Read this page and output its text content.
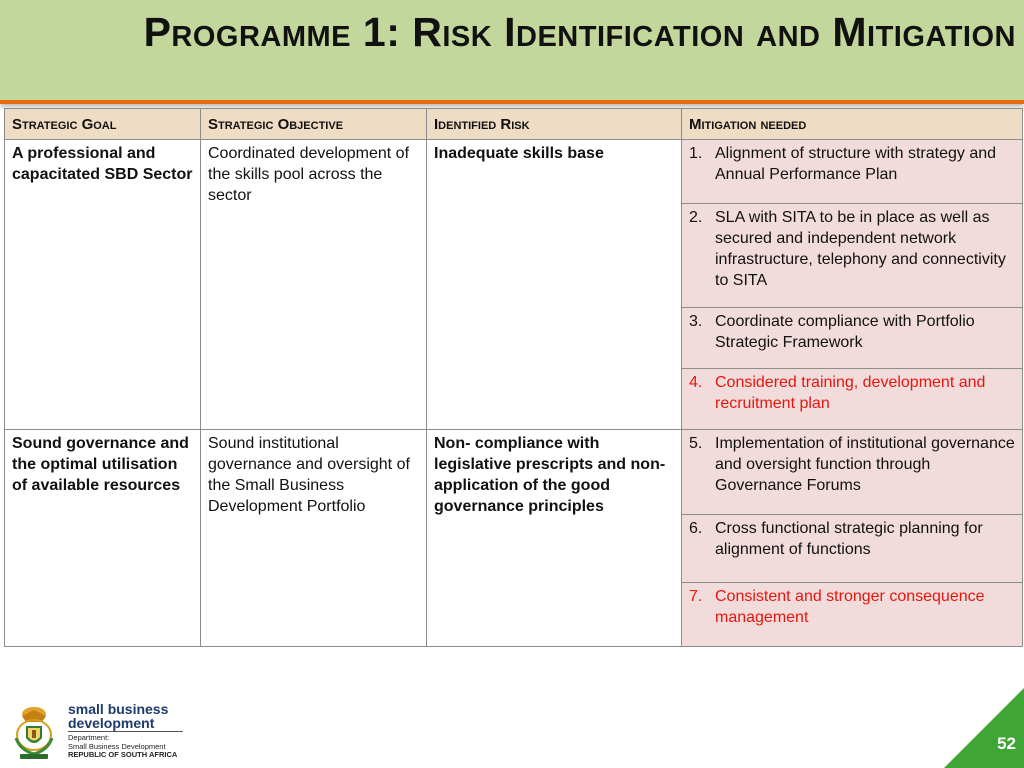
Programme 1: Risk Identification and Mitigation
Strategic Goal	Strategic Objective	Identified Risk	Mitigation needed
A professional and capacitated SBD Sector	Coordinated development of the skills pool across the sector	Inadequate skills base	1. Alignment of structure with strategy and Annual Performance Plan

			2. SLA with SITA to be in place as well as secured and independent network infrastructure, telephony and connectivity to SITA

			3. Coordinate compliance with Portfolio Strategic Framework

			4. Considered training, development and recruitment plan

Sound governance and the optimal utilisation of available resources	Sound institutional governance and oversight of the Small Business Development Portfolio	Non- compliance with legislative prescripts and non-application of the good governance principles	5. Implementation of institutional governance and oversight function through Governance Forums

			6. Cross functional strategic planning for alignment of functions

			7. Consistent and stronger consequence management
small business
development
Department:
Small Business Development
REPUBLIC OF SOUTH AFRICA
52
